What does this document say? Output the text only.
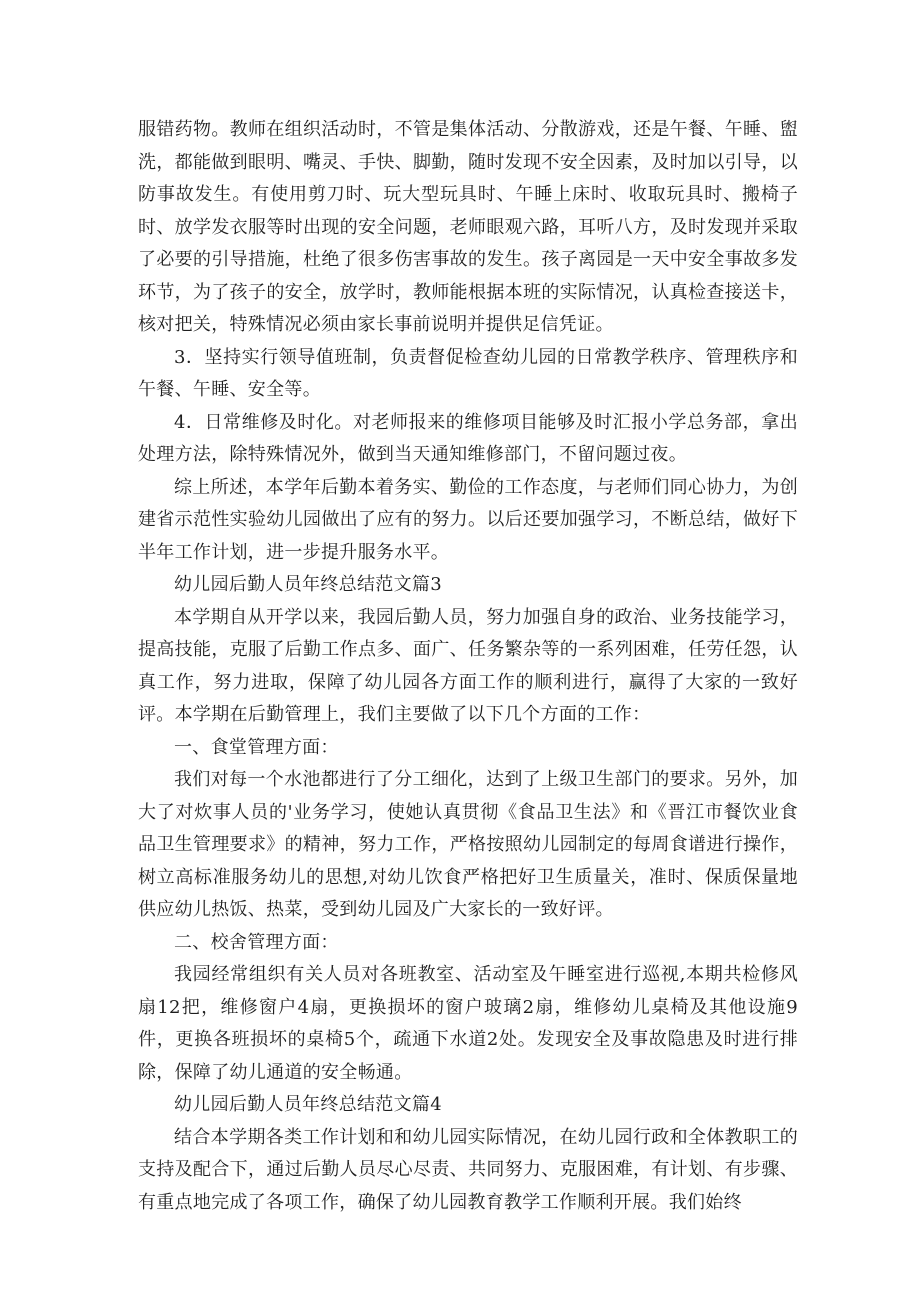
服错药物。教师在组织活动时，不管是集体活动、分散游戏，还是午餐、午睡、盥洗，都能做到眼明、嘴灵、手快、脚勤，随时发现不安全因素，及时加以引导，以防事故发生。有使用剪刀时、玩大型玩具时、午睡上床时、收取玩具时、搬椅子时、放学发衣服等时出现的安全问题，老师眼观六路，耳听八方，及时发现并采取了必要的引导措施，杜绝了很多伤害事故的发生。孩子离园是一天中安全事故多发环节，为了孩子的安全，放学时，教师能根据本班的实际情况，认真检查接送卡，核对把关，特殊情况必须由家长事前说明并提供足信凭证。

3．坚持实行领导值班制，负责督促检查幼儿园的日常教学秩序、管理秩序和午餐、午睡、安全等。

4．日常维修及时化。对老师报来的维修项目能够及时汇报小学总务部，拿出处理方法，除特殊情况外，做到当天通知维修部门，不留问题过夜。

综上所述，本学年后勤本着务实、勤俭的工作态度，与老师们同心协力，为创建省示范性实验幼儿园做出了应有的努力。以后还要加强学习，不断总结，做好下半年工作计划，进一步提升服务水平。

幼儿园后勤人员年终总结范文篇3

本学期自从开学以来，我园后勤人员，努力加强自身的政治、业务技能学习，提高技能，克服了后勤工作点多、面广、任务繁杂等的一系列困难，任劳任怨，认真工作，努力进取，保障了幼儿园各方面工作的顺利进行，赢得了大家的一致好评。本学期在后勤管理上，我们主要做了以下几个方面的工作：

一、食堂管理方面：

我们对每一个水池都进行了分工细化，达到了上级卫生部门的要求。另外，加大了对炊事人员的'业务学习，使她认真贯彻《食品卫生法》和《晋江市餐饮业食品卫生管理要求》的精神，努力工作，严格按照幼儿园制定的每周食谱进行操作，树立高标准服务幼儿的思想,对幼儿饮食严格把好卫生质量关，准时、保质保量地供应幼儿热饭、热菜，受到幼儿园及广大家长的一致好评。

二、校舍管理方面：

我园经常组织有关人员对各班教室、活动室及午睡室进行巡视,本期共检修风扇12把，维修窗户4扇，更换损坏的窗户玻璃2扇，维修幼儿桌椅及其他设施9件，更换各班损坏的桌椅5个，疏通下水道2处。发现安全及事故隐患及时进行排除，保障了幼儿通道的安全畅通。

幼儿园后勤人员年终总结范文篇4

结合本学期各类工作计划和和幼儿园实际情况，在幼儿园行政和全体教职工的支持及配合下，通过后勤人员尽心尽责、共同努力、克服困难，有计划、有步骤、有重点地完成了各项工作，确保了幼儿园教育教学工作顺利开展。我们始终
